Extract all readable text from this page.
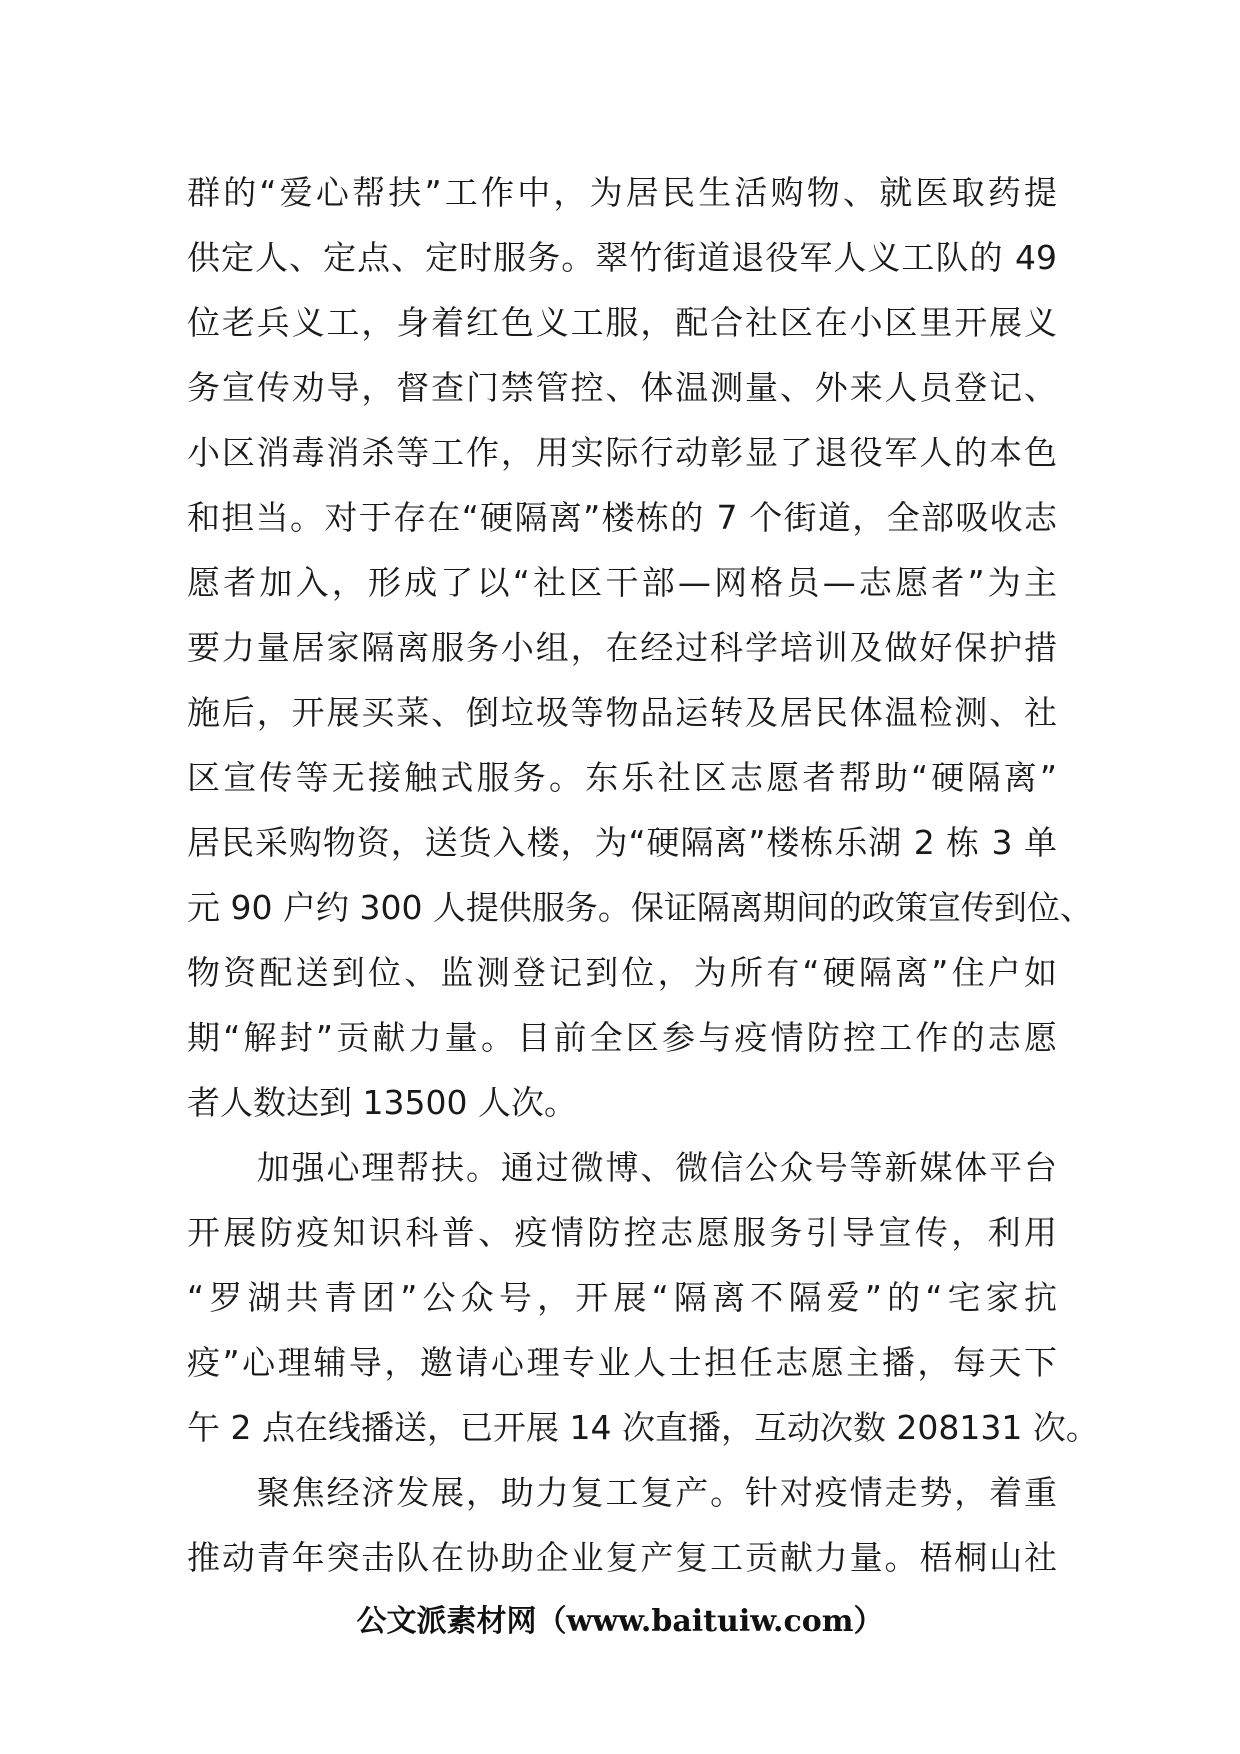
群的“爱心帮扶”工作中，为居民生活购物、就医取药提
供定人、定点、定时服务。翠竹街道退役军人义工队的 49
位老兵义工，身着红色义工服，配合社区在小区里开展义
务宣传劝导，督查门禁管控、体温测量、外来人员登记、
小区消毒消杀等工作，用实际行动彰显了退役军人的本色
和担当。对于存在“硬隔离”楼栋的 7 个街道，全部吸收志
愿者加入，形成了以“社区干部—网格员—志愿者”为主
要力量居家隔离服务小组，在经过科学培训及做好保护措
施后，开展买菜、倒垃圾等物品运转及居民体温检测、社
区宣传等无接触式服务。东乐社区志愿者帮助“硬隔离”
居民采购物资，送货入楼，为“硬隔离”楼栋乐湖 2 栋 3 单
元 90 户约 300 人提供服务。保证隔离期间的政策宣传到位、
物资配送到位、监测登记到位，为所有“硬隔离”住户如
期“解封”贡献力量。目前全区参与疫情防控工作的志愿
者人数达到 13500 人次。
　　加强心理帮扶。通过微博、微信公众号等新媒体平台
开展防疫知识科普、疫情防控志愿服务引导宣传，利用
“罗湖共青团”公众号，开展“隔离不隔爱”的“宅家抗
疫”心理辅导，邀请心理专业人士担任志愿主播，每天下
午 2 点在线播送，已开展 14 次直播，互动次数 208131 次。
　　聚焦经济发展，助力复工复产。针对疫情走势，着重
推动青年突击队在协助企业复产复工贡献力量。梧桐山社
公文派素材网（www.baituiw.com）
